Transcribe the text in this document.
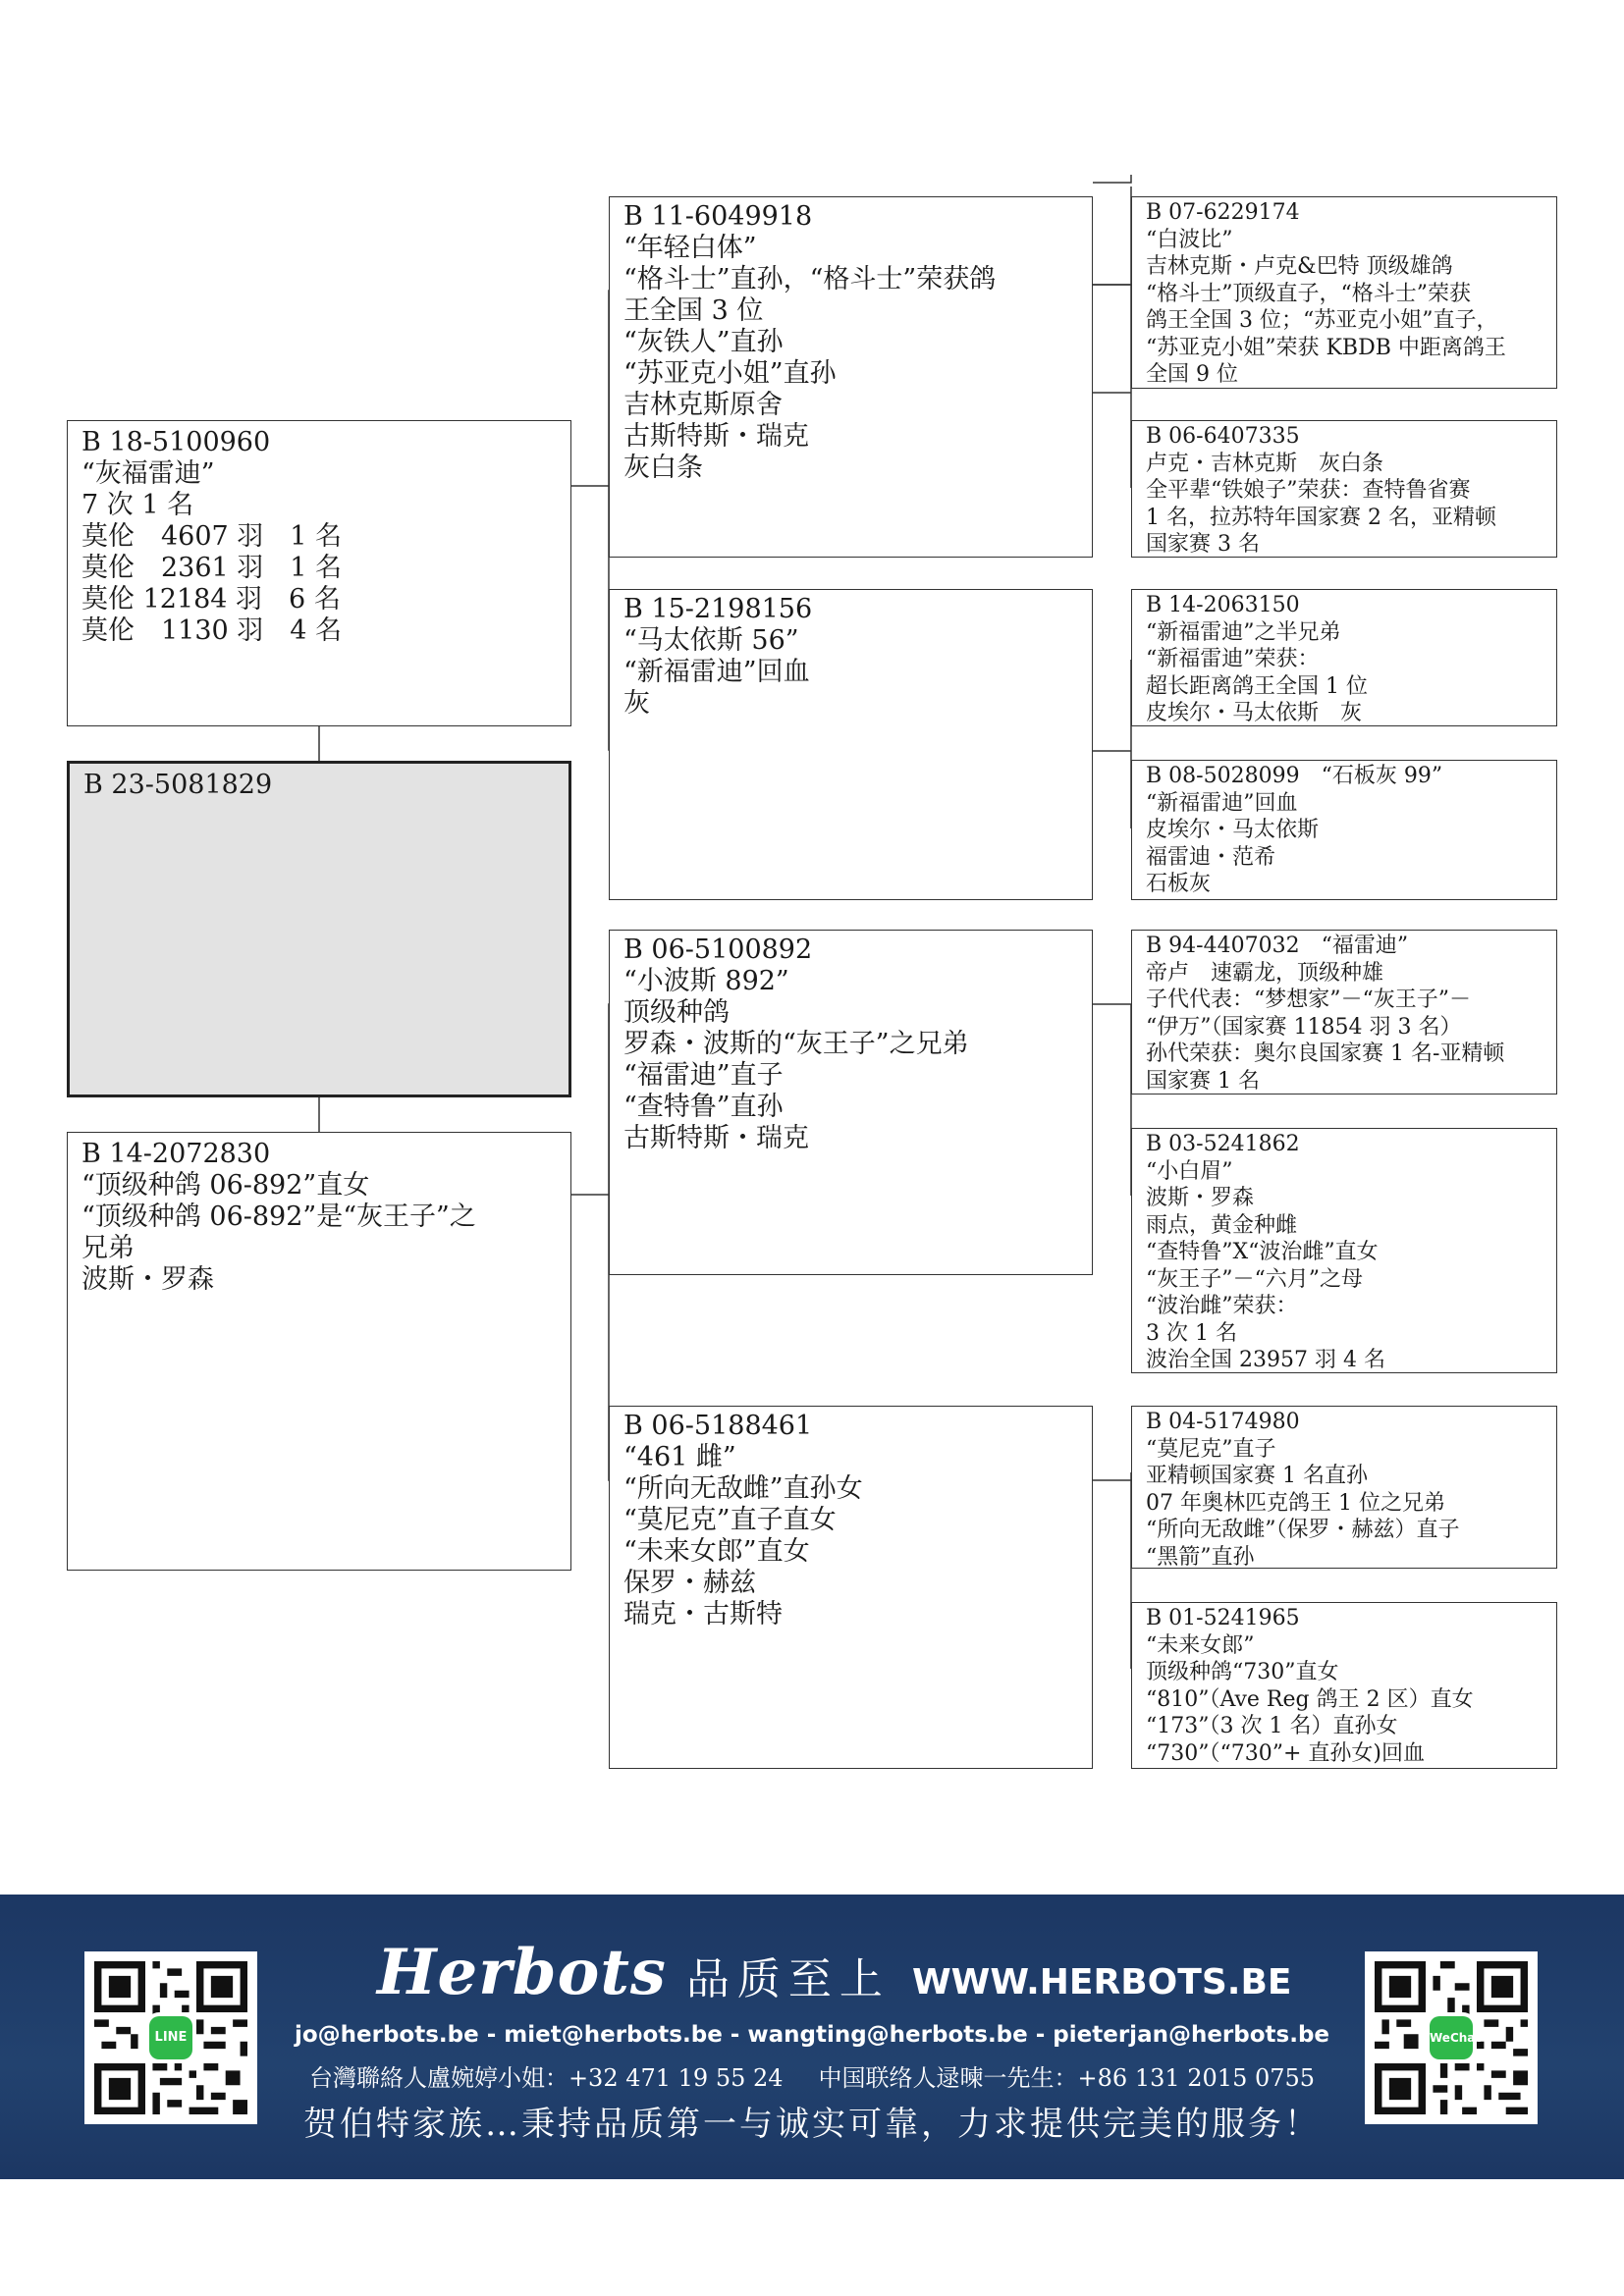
B 18-5100960
“灰福雷迪”
7 次 1 名
莫伦　4607 羽　1 名
莫伦　2361 羽　1 名
莫伦 12184 羽　6 名
莫伦　1130 羽　4 名
B 23-5081829
B 14-2072830
“顶级种鸽 06-892”直女
“顶级种鸽 06-892”是“灰王子”之
兄弟
波斯・罗森
B 11-6049918
“年轻白体”
“格斗士”直孙，“格斗士”荣获鸽
王全国 3 位
“灰铁人”直孙
“苏亚克小姐”直孙
吉林克斯原舍
古斯特斯・瑞克
灰白条
B 15-2198156
“马太依斯 56”
“新福雷迪”回血
灰
B 06-5100892
“小波斯 892”
顶级种鸽
罗森・波斯的“灰王子”之兄弟
“福雷迪”直子
“查特鲁”直孙
古斯特斯・瑞克
B 06-5188461
“461 雌”
“所向无敌雌”直孙女
“莫尼克”直子直女
“未来女郎”直女
保罗・赫兹
瑞克・古斯特
B 07-6229174
“白波比”
吉林克斯・卢克&巴特 顶级雄鸽
“格斗士”顶级直子，“格斗士”荣获
鸽王全国 3 位；“苏亚克小姐”直子，
“苏亚克小姐”荣获 KBDB 中距离鸽王
全国 9 位
B 06-6407335
卢克・吉林克斯　灰白条
全平辈“铁娘子”荣获：查特鲁省赛
1 名，拉苏特年国家赛 2 名，亚精顿
国家赛 3 名
B 14-2063150
“新福雷迪”之半兄弟
“新福雷迪”荣获：
超长距离鸽王全国 1 位
皮埃尔・马太依斯　灰
B 08-5028099　 “石板灰 99”
“新福雷迪”回血
皮埃尔・马太依斯
福雷迪・范希
石板灰
B 94-4407032　 “福雷迪”
帝卢　速霸龙，顶级种雄
子代代表：“梦想家”－“灰王子”－
“伊万”（国家赛 11854 羽 3 名）
孙代荣获：奥尔良国家赛 1 名-亚精顿
国家赛 1 名
B 03-5241862
“小白眉”
波斯・罗森
雨点，黄金种雌
“查特鲁”X“波治雌”直女
“灰王子”－“六月”之母
“波治雌”荣获：
3 次 1 名
波治全国 23957 羽 4 名
B 04-5174980
“莫尼克”直子
亚精顿国家赛 1 名直孙
07 年奥林匹克鸽王 1 位之兄弟
“所向无敌雌”（保罗・赫兹）直子
“黑箭”直孙
B 01-5241965
“未来女郎”
顶级种鸽“730”直女
“810”（Ave Reg 鸽王 2 区）直女
“173”（3 次 1 名）直孙女
“730”（“730”+ 直孙女)回血
LINE
Herbots 品质至上 WWW.HERBOTS.BE
jo@herbots.be - miet@herbots.be - wangting@herbots.be - pieterjan@herbots.be
台灣聯絡人盧婉婷小姐：+32 471 19 55 24 中国联络人逯暕一先生：+86 131 2015 0755
贺伯特家族…秉持品质第一与诚实可靠，力求提供完美的服务！
WeChat
